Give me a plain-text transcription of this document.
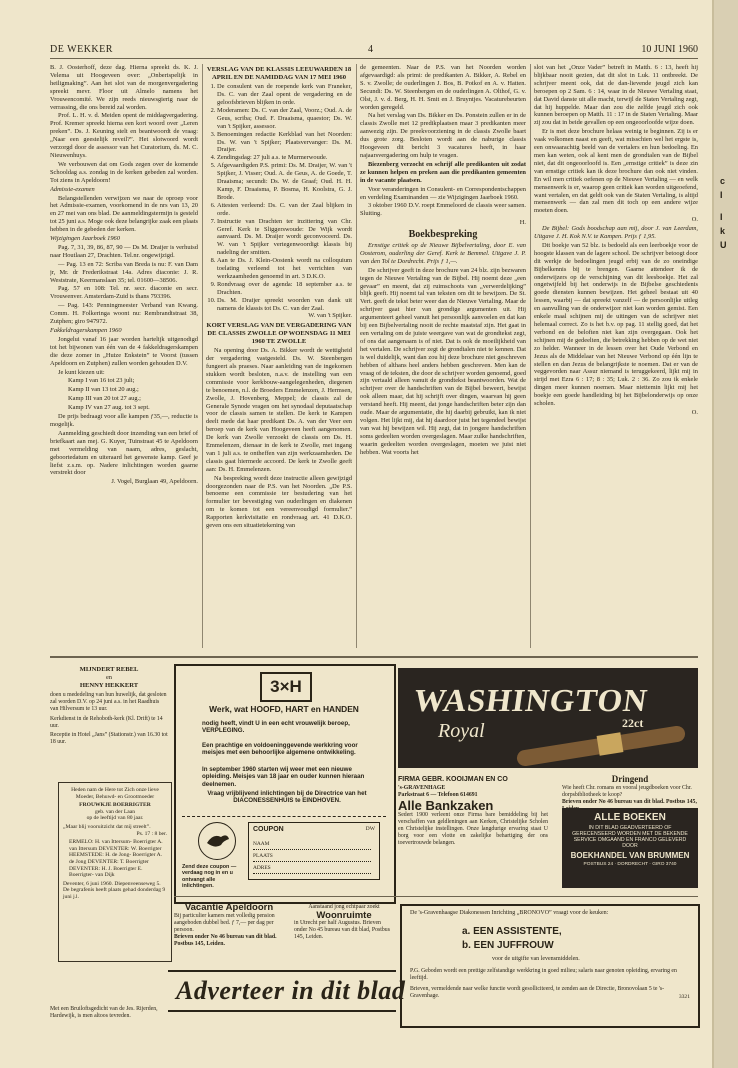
DE WEKKER	4	10 JUNI 1960

B. J. Oosterhoff, deze dag. Hierna spreekt ds. K. J. Velema uit Hoogeveen over: „Onberispelijk in heiligmaking”. Aan het slot van de morgenvergadering spreekt mevr. Floor uit Almelo namens het Vrouwencomité. We zijn reeds nieuwsgierig naar de verrassing, die ons bereid zal worden.

Prof. L. H. v. d. Meiden opent de middagvergadering. Prof. Kremer spreekt hierna een kort woord over „Leren preken”. Ds. J. Keuning stelt en beantwoordt de vraag: „Naar een geestelijk reveil?”. Het slotwoord wordt verzorgd door de assessor van het Curatorium, ds. M. C. Nieuwenhuys.

We verbouwen dat om Gods zegen over de komende Schooldag a.s. zondag in de kerken gebeden zal worden. Tot ziens in Apeldoorn!

Admissie-examen

Belangstellenden verwijzen we naar de oproep voor het Admissie-examen, voorkomend in de nrs van 13, 20 en 27 mei van ons blad. De aanmeldingstermijn is gesteld tot 25 juni a.s. Moge ook deze belangrijke zaak een plaats hebben in de gebeden der kerken.

Wijzigingen Jaarboek 1960

Pag. 7, 31, 39, 86, 87, 90 — Ds M. Draijer is verhuisd naar Houtlaan 27, Drachten. Tel.nr. ongewijzigd.

— Pag. 13 en 72: Scriba van Breda is nu: F. van Dam jr, Mr. dr Frederikstraat 14a. Adres diaconie: J. R. Weststrate, Keermanslaan 35; tel. 01600—38506.

Pag. 57 en 108: Tel. nr. secr. diaconie en secr. Vrouwenver. Amsterdam-Zuid is thans 793396.

— Pag. 143: Penningmeester Verband van Kwang. Comm. H. Folkeringa woont nu: Rembrandtstraat 38, Zutphen; giro 947972.

Fakkeldragerskampen 1960

Jongelui vanaf 16 jaar worden hartelijk uitgenodigd tot het bijwonen van één van de 4 fakkeldragerskampen die deze zomer in „Huize Enkstein” te Voorst (tussen Apeldoorn en Zutphen) zullen worden gehouden D.V.

Je kunt kiezen uit:

Kamp I van 16 tot 23 juli;

Kamp II van 13 tot 20 aug.;

Kamp III van 20 tot 27 aug.;

Kamp IV van 27 aug. tot 3 sept.

De prijs bedraagt voor alle kampen ƒ35,—, reductie is mogelijk.

Aanmelding geschiedt door inzending van een brief of briefkaart aan mej. G. Kuyer, Tuinstraat 45 te Apeldoorn met vermelding van naam, adres, geslacht, geboortedatum en uiteraard het gewenste kamp. Geef je liefst z.s.m. op. Nadere inlichtingen worden gaarne verstrekt door

J. Vogel, Burglaan 49, Apeldoorn.

VERSLAG VAN DE KLASSIS LEEUWARDEN 18 APRIL EN DE NAMIDDAG VAN 17 MEI 1960
1. De consulent van de roepende kerk van Franeker, Ds. C. van der Zaal opent de vergadering en de geloofsbrieven blijken in orde.
2. Moderamen: Ds. C. van der Zaal, Voorz.; Oud. A. de Geus, scriba; Oud. F. Draaisma, quaestor; Ds. W. van 't Spijker, assessor.
3. Benoemingen redactie Kerkblad van het Noorden: Ds. W. van 't Spijker; Plaatsvervanger: Ds. M. Draijer.
4. Zendingsdag: 27 juli a.s. te Murmerwoude.
5. Afgevaardigden P.S. primi: Ds. M. Draijer, W. van 't Spijker, J. Visser; Oud. A. de Geus, A. de Goede, T. Draaisma; secundi: Ds. W. de Graaf; Oud. H. H. Kamp, F. Draaisma, P. Bosma, H. Koolstra, G. J. Brode.
6. Attesten verleend: Ds. C. van der Zaal blijken in orde.
7. Instructie van Drachten ter inzittering van Chr. Geref. Kerk te Sliggerswoude: De Wijk wordt aanvaard. Ds. M. Draijer wordt geconvoceerd. Ds. W. van 't Spijker vertegenwoordigt klassis bij nadeling der smitten.
8. Aan te Ds. J. Klein-Oostenk wordt na colloquium toelating verleend tot het verrichten van werkzaamheden genoemd in art. 3 D.K.O.
9. Rondvraag over de agenda: 18 september a.s. te Drachten.
10. Ds. M. Draijer spreekt woorden van dank uit namens de klassis tot Ds. C. van der Zaal.

W. van 't Spijker.

KORT VERSLAG VAN DE VERGADERING VAN DE CLASSIS ZWOLLE OP WOENSDAG 11 MEI 1960 TE ZWOLLE

Na opening door Ds. A. Bikker wordt de wettigheid der vergadering vastgesteld. Ds. W. Steenbergen fungeert als praeses. Naar aanleiding van de ingekomen stukken wordt besloten, n.a.v. de instelling van een commissie voor kerkbouw-aangelegenheden, diegenen te benoemen, n.l. de Broeders Emmelenzen, J. Hermsen, Zwolle, J. Hovenberg, Meppel; de classis zal de Generale Synode vragen om het synodaal deputaatschap voor de classis samen te stellen. De kerk te Kampen deelt mede dat haar predikant Ds. A. van der Veer een beroep van de kerk van Hoogeveen heeft aangenomen. De kerk van Zwolle verzoekt de classis om Ds. H. Emmelenzen, dienaar in de kerk te Zwolle, met ingang van 1 juli a.s. te ontheffen van zijn werkzaamheden. De classis gaat hiermede accoord. De kerk te Zwolle geeft aan: Ds. H. Emmelenzen.

Na bespreking wordt deze instructie alleen gewijzigd doorgezonden naar de P.S. van het Noorden. „De P.S. benoeme een commissie ter bestudering van het formulier ter bevestiging van ouderlingen en diakenen om te komen tot een vereenvoudigd formulier.” Rapporten kerkvisitatie en rondvraag art. 41 D.K.O. geven ons een situatietekening van

de gemeenten. Naar de P.S. van het Noorden worden afgevaardigd: als primi: de predikanten A. Bikker, A. Rebel en S. v. Zwolle; de ouderlingen J. Bos, B. Potkof en A. v. Hatten. Secundi: Ds. W. Steenbergen en de ouderlingen A. Olthof, G. v. Olst, J. v. d. Berg, H. H. Smit en J. Bruyntjes. Vacaturebeurten worden geregeld.

Na het verslag van Ds. Bikker en Ds. Ponstein zullen er in de classis Zwolle met 12 predikplaatsen maar 3 predikanten meer aanwezig zijn. De preekvoorziening in de classis Zwolle baart dus grote zorg. Besloten wordt aan de naburige classis Hoogeveen dit bericht 3 vacatures heeft, in haar najaarsvergadering om hulp te vragen.

Biezenberg verzocht en schrijf alle predikanten uit zodat ze kunnen helpen en preken aan die predikanten gemeenten in de vacante plaatsen.

Voor veranderingen in Consulent- en Correspondentschappen en verdeling Examinanden — zie Wijzigingen Jaarboek 1960.

3 oktober 1960 D.V. roept Emmeloord de classis weer samen. Sluiting.

H.

Boekbespreking

Ernstige critiek op de Nieuwe Bijbelvertaling, door E. van Oosterom, ouderling der Geref. Kerk te Bemmel. Uitgave J. P. van den Tol te Dordrecht. Prijs ƒ 1,—.

De schrijver geeft in deze brochure van 24 blz. zijn bezwaren tegen de Nieuwe Vertaling van de Bijbel. Hij noemt deze „een gevaar” en meent, dat zij ruimschoots van „verwerdelijking” blijk geeft. Hij noemt tal van teksten om dit te bewijzen. De St. Vert. geeft de tekst beter weer dan de Nieuwe Vertaling. Maar de schrijver gaat hier van grondige argumenten uit. Hij argumenteert geheel vanuit het persoonlijk aanvoelen en dat kan bij een Bijbelvertaling nooit de rechte maatstaf zijn. Het gaat in een vertaling om de juiste weergave van wat de grondtekst zegt, of ons dat aangenaam is of niet. Dat is ook de moeilijkheid van het vertalen. De schrijver zegt de grondtalen niet te kennen. Dat is wel duidelijk, want dan zou hij deze brochure niet geschreven hebben of althans heel anders hebben geschreven. Men kan de vraag of de teksten, die door de schrijver worden genoemd, goed zijn vertaald alleen vanuit de grondtekst beantwoorden. Wat de schrijver over de handschriften van de Bijbel beweert, bewijst ook alleen maar, dat hij schrijft over dingen, waarvan hij geen verstand heeft. Hij meent, dat jonge handschriften beter zijn dan oude. Maar de argumentatie, die hij daarbij gebruikt, kan ik niet volgen. Het lijkt mij, dat hij daardoor juist het tegendeel bewijst van wat hij bewijzen wil. Hij zegt, dat in jongere handschriften soms gedeelten worden overgeslagen. Maar zulke handschriften, waarin gedeelten worden overgeslagen, moeten we juist niet hebben. Wat voorts het

slot van het „Onze Vader” betreft in Matth. 6 : 13, heeft hij blijkbaar nooit gezien, dat dit slot in Luk. 11 ontbreekt. De schrijver meent ook, dat de dan-lievende jeugd zich kan beroepen op 2 Sam. 6 : 14, waar in de Nieuwe Vertaling staat, dat David danste uit alle macht, terwijl de Staten Vertaling zegt, dat hij huppelde. Maar dan zou die zelfde jeugd zich ook kunnen beroepen op Matth. 11 : 17 in de Staten Vertaling. Maar zij zou dat in beide gevallen op een ongeoorloofde wijze doen.

Er is met deze brochure helaas weinig te beginnen. Zij is er vaak volkomen naast en geeft, wat misschien wel het ergste is, een onwaarachtig beeld van de vertalers en hun bedoeling. En men kan weten, ook al kent men de grondtalen van de Bijbel niet, dat dit ongeoorloofd is. Een „ernstige critiek” is deze zin van ernstige critiek kan ik deze brochure dan ook niet vinden. En wil men critiek oefenen op de Nieuwe Vertaling — en welk mensenwerk is er, waarop geen critiek kan worden uitgeoefend, want vertalen, en dat geldt ook van de Staten Vertaling, is altijd mensenwerk — dan zal men dit toch op een andere wijze moeten doen.

O.

De Bijbel: Gods boodschap aan mij, door J. van Leerdam, Uitgave J. H. Kok N.V. te Kampen. Prijs ƒ 1,95.

Dit boekje van 52 blz. is bedoeld als een leerboekje voor de hoogste klassen van de lagere school. De schrijver betoogt door dit werkje de bedoelingen jeugd erbij van de zo oneindige Bijbelkennis bij te brengen. Gaarne attendeer ik de onderwijzers op de verschijning van dit leesboekje. Het zal ongetwijfeld bij het onderwijs in de Bijbelse geschiedenis goede diensten kunnen bewijzen. Het geheel bestaat uit 40 lessen, waarbij — dat spreekt vanzelf — de persoonlijke uitleg en aanvulling van de onderwijzer niet kan worden gemist. Een enkele maal schijnen mij de uitingen van de schrijver niet helemaal correct. Zo is het b.v. op pag. 11 stellig goed, dat het verbond en de beloften niet kan zijn overgegaan. Ook het schijnen mij de gedeelten, die betrekking hebben op de wet niet zo helder. Wanneer in de lessen over het Oude Verbond en Jezus als de Middelaar van het Nieuwe Verbond op één lijn te stellen en dan Jezus de belangrijkste te noemen. Dat er van de veggevorden naar Assur niemand is teruggekeerd, lijkt mij in strijd met Ezra 6 : 17; 8 : 35; Luk. 2 : 36. Zo zou ik enkele dingen meer kunnen noemen. Maar niettemin lijkt mij het boekje een goede handleiding bij het Bijbelonderwijs op onze scholen.

O.

MIJNDERT REBEL
en
HENNY HEKKERT
doen u mededeling van hun huwelijk, dat gesloten zal worden D.V. op 24 juni a.s. in het Raadhuis van Hilversum te 13 uur.
Kerkdienst in de Rehoboth-kerk (Kl. Drift) te 14 uur.
Receptie in Hotel „Jans” (Stationstr.) van 16.30 tot 18 uur.
Heden nam de Here tot Zich onze lieve Moeder, Behuwd- en Grootmoeder
FROUWKJE BOERRIGTER
geb. van der Laan
op de leeftijd van 80 jaar.
„Maar blij vooruitzicht dat mij streelt”.
Ps. 17 : 8 ber.
ERMELO: H. van Ittersum- Boerrigter A. van Ittersum DEVENTER: W. Boerrigter HEEMSTEDE: H. de Jong- Boerrigter A. de Jong DEVENTER: T. Boerrigter DEVENTER: H. J. Boerrigter E. Boerrigter- van Dijk
Deventer, 6 juni 1960. Diepenveenseweg 5.
De begrafenis heeft plaats gehad donderdag 9 juni j.l.
Met een Bruiloftsgedicht van de Jes. Rijerden, Hardewijk, is men altoos tevreden.
3×H
Werk, wat HOOFD, HART en HANDEN
nodig heeft, vindt U in een echt vrouwelijk beroep, VERPLEGING.
Een prachtige en voldoeninggevende werkkring voor meisjes met een behoorlijke algemene ontwikkeling.
In september 1960 starten wij weer met een nieuwe opleiding. Meisjes van 18 jaar en ouder kunnen hieraan deelnemen.
Vraag vrijblijvend inlichtingen bij de Directrice van het DIACONESSENHUIS te EINDHOVEN.
COUPON	DW
NAAM
PLAATS
ADRES
Zend deze coupon — verdaag nog in en u ontvangt alle inlichtingen.
WASHINGTON
Royal	22ct
FIRMA GEBR. KOOIJMAN EN CO
's-GRAVENHAGE
Parkstraat 6 — Telefoon 614691
Alle Bankzaken
Sedert 1900 verleent onze Firma bare bemiddeling bij het verschaffen van geldleningen aan Kerken, Christelijke Scholen en Christelijke instellingen. Onze langdurige ervaring staat U borg voor een vlotte en zakelijke behartiging der ons toevertrouwde belangen.
Dringend
Wie heeft Chr. romans en vooral jeugdboeken voor Chr. dorpsbibliotheek te koop?
Brieven onder No 46 bureau van dit blad. Postbus 145,
ALLE BOEKEN
IN DIT BLAD GEADVERTEERD OF GERECENSEERD WORDEN MET DE BEKENDE SERVICE OMGAAND EN FRANCO GELEVERD DOOR
BOEKHANDEL VAN BRUMMEN
POSTBUS 24 · DORDRECHT · GIRO 3740
Vacantie Apeldoorn
Bij particulier kamers met volledig pension aangeboden dubbel bed. ƒ 7,— per dag per persoon.
Brieven onder No 46 bureau van dit blad. Postbus 145, Leiden.
Aanstaand jong echtpaar zoekt
Woonruimte
in Utrecht per half Augustus. Brieven onder No 45 bureau van dit blad, Postbus 145, Leiden.
Adverteer in dit blad
De 's-Gravenhaagse Diakonessen Inrichting „BRONOVO” vraagt voor de keuken:
a. EEN ASSISTENTE,
b. EEN JUFFROUW
voor de uitgifte van levensmiddelen.
P.G. Geboden wordt een prettige zelfstandige werkkring in goed milieu; salaris naar genoten opleiding, ervaring en leeftijd.
Brieven, vermeldende naar welke functie wordt gesolliciteerd, te zenden aan de Directie, Bronovolaan 5 te 's-Gravenhage.	3321
I
U
c
I
k
